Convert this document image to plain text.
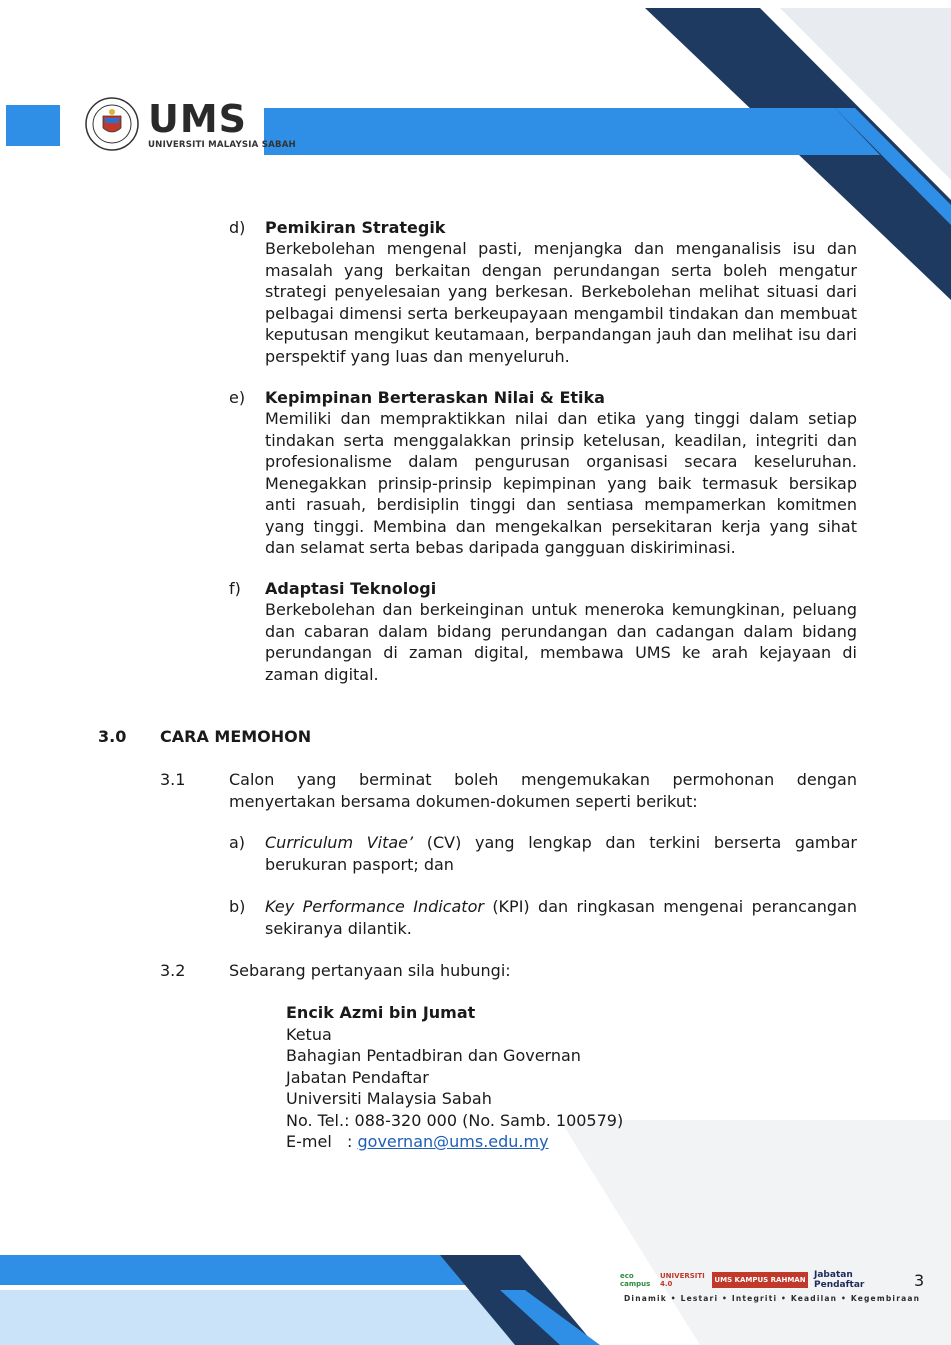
UMS
UNIVERSITI MALAYSIA SABAH
d) Pemikiran Strategik
Berkebolehan mengenal pasti, menjangka dan menganalisis isu dan masalah yang berkaitan dengan perundangan serta boleh mengatur strategi penyelesaian yang berkesan. Berkebolehan melihat situasi dari pelbagai dimensi serta berkeupayaan mengambil tindakan dan membuat keputusan mengikut keutamaan, berpandangan jauh dan melihat isu dari perspektif yang luas dan menyeluruh.
e) Kepimpinan Berteraskan Nilai & Etika
Memiliki dan mempraktikkan nilai dan etika yang tinggi dalam setiap tindakan serta menggalakkan prinsip ketelusan, keadilan, integriti dan profesionalisme dalam pengurusan organisasi secara keseluruhan. Menegakkan prinsip-prinsip kepimpinan yang baik termasuk bersikap anti rasuah, berdisiplin tinggi dan sentiasa mempamerkan komitmen yang tinggi. Membina dan mengekalkan persekitaran kerja yang sihat dan selamat serta bebas daripada gangguan diskiriminasi.
f) Adaptasi Teknologi
Berkebolehan dan berkeinginan untuk meneroka kemungkinan, peluang dan cabaran dalam bidang perundangan dan cadangan dalam bidang perundangan di zaman digital, membawa UMS ke arah kejayaan di zaman digital.
3.0 CARA MEMOHON
3.1	Calon yang berminat boleh mengemukakan permohonan dengan menyertakan bersama dokumen-dokumen seperti berikut:
a) Curriculum Vitae’ (CV) yang lengkap dan terkini berserta gambar berukuran pasport; dan
b) Key Performance Indicator (KPI) dan ringkasan mengenai perancangan sekiranya dilantik.
3.2	Sebarang pertanyaan sila hubungi:
Encik Azmi bin Jumat
Ketua
Bahagian Pentadbiran dan Governan
Jabatan Pendaftar
Universiti Malaysia Sabah
No. Tel.: 088-320 000 (No. Samb. 100579)
E-mel   : governan@ums.edu.my
eco campus
UNIVERSITI 4.0	UMS KAMPUS RAHMAN Jabatan Pendaftar
Dinamik • Lestari • Integriti • Keadilan • Kegembiraan
3
